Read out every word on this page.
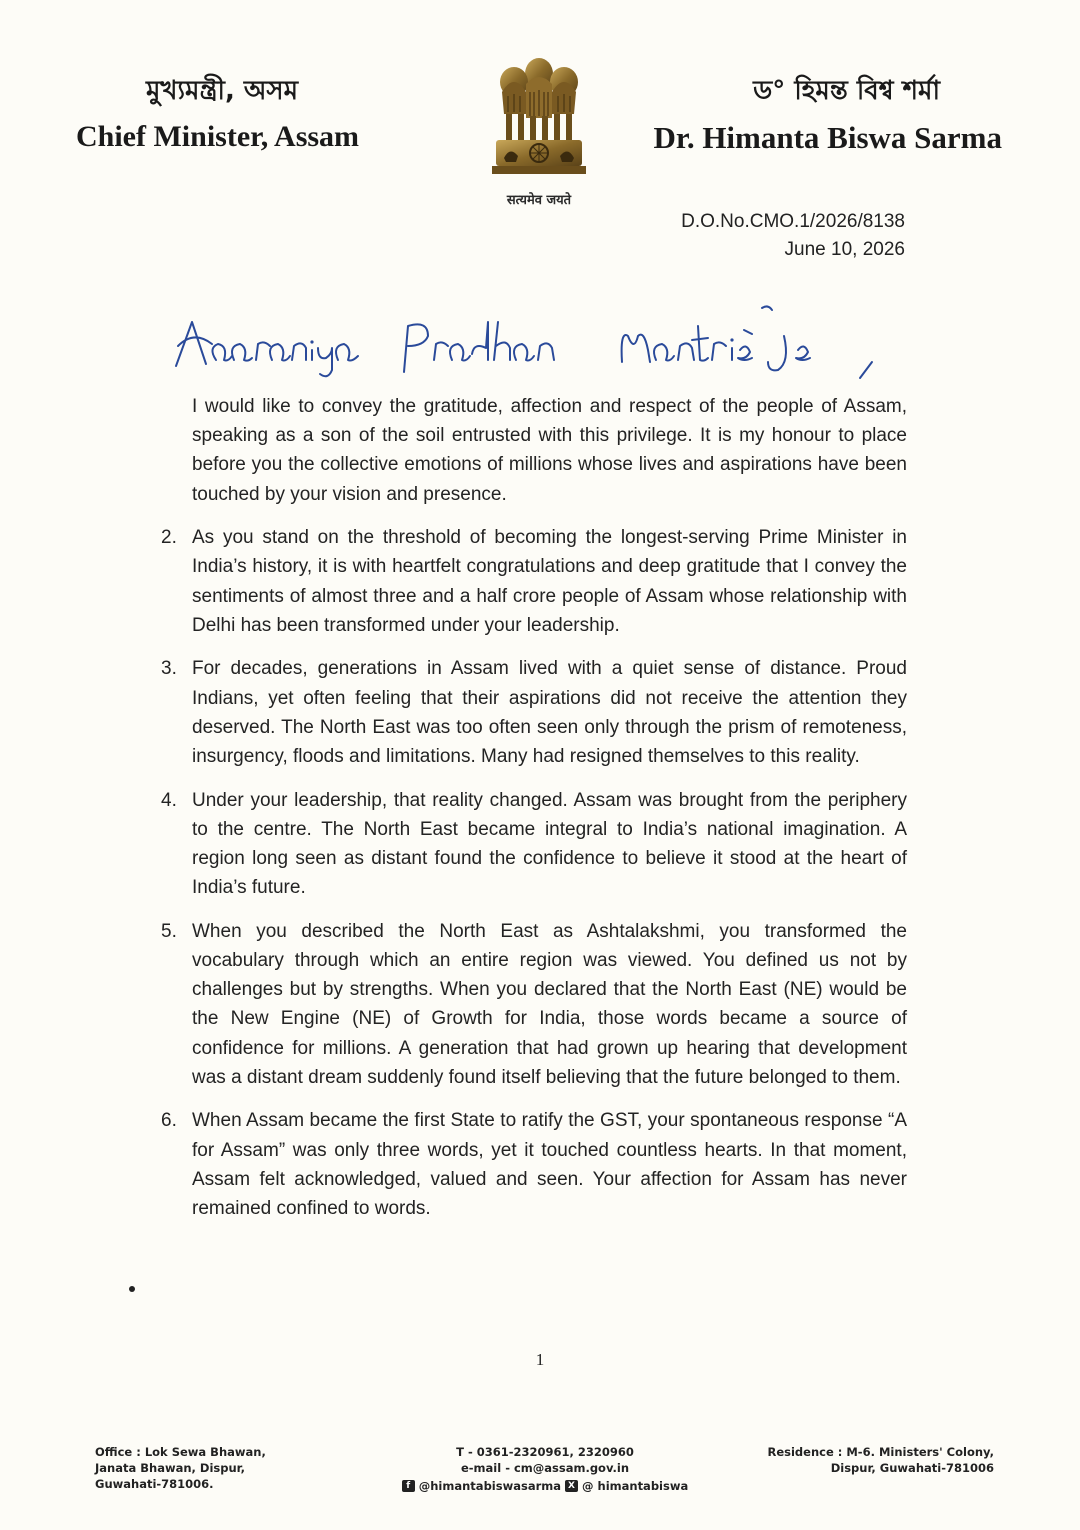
মুখ্যমন্ত্ৰী, অসম
Chief Minister, Assam
सत्यमेव जयते
ড° হিমন্ত বিশ্ব শৰ্মা
Dr. Himanta Biswa Sarma
D.O.No.CMO.1/2026/8138
June 10, 2026
I would like to convey the gratitude, affection and respect of the people of Assam, speaking as a son of the soil entrusted with this privilege. It is my honour to place before you the collective emotions of millions whose lives and aspirations have been touched by your vision and presence.
2. As you stand on the threshold of becoming the longest-serving Prime Minister in India’s history, it is with heartfelt congratulations and deep gratitude that I convey the sentiments of almost three and a half crore people of Assam whose relationship with Delhi has been transformed under your leadership.
3. For decades, generations in Assam lived with a quiet sense of distance. Proud Indians, yet often feeling that their aspirations did not receive the attention they deserved. The North East was too often seen only through the prism of remoteness, insurgency, floods and limitations. Many had resigned themselves to this reality.
4. Under your leadership, that reality changed. Assam was brought from the periphery to the centre. The North East became integral to India’s national imagination. A region long seen as distant found the confidence to believe it stood at the heart of India’s future.
5. When you described the North East as Ashtalakshmi, you transformed the vocabulary through which an entire region was viewed. You defined us not by challenges but by strengths. When you declared that the North East (NE) would be the New Engine (NE) of Growth for India, those words became a source of confidence for millions. A generation that had grown up hearing that development was a distant dream suddenly found itself believing that the future belonged to them.
6. When Assam became the first State to ratify the GST, your spontaneous response “A for Assam” was only three words, yet it touched countless hearts. In that moment, Assam felt acknowledged, valued and seen. Your affection for Assam has never remained confined to words.
1
Office : Lok Sewa Bhawan,
Janata Bhawan, Dispur,
Guwahati-781006.
T - 0361-2320961, 2320960
e-mail - cm@assam.gov.in
f @himantabiswasarma X @ himantabiswa
Residence : M-6. Ministers' Colony,
Dispur, Guwahati-781006
